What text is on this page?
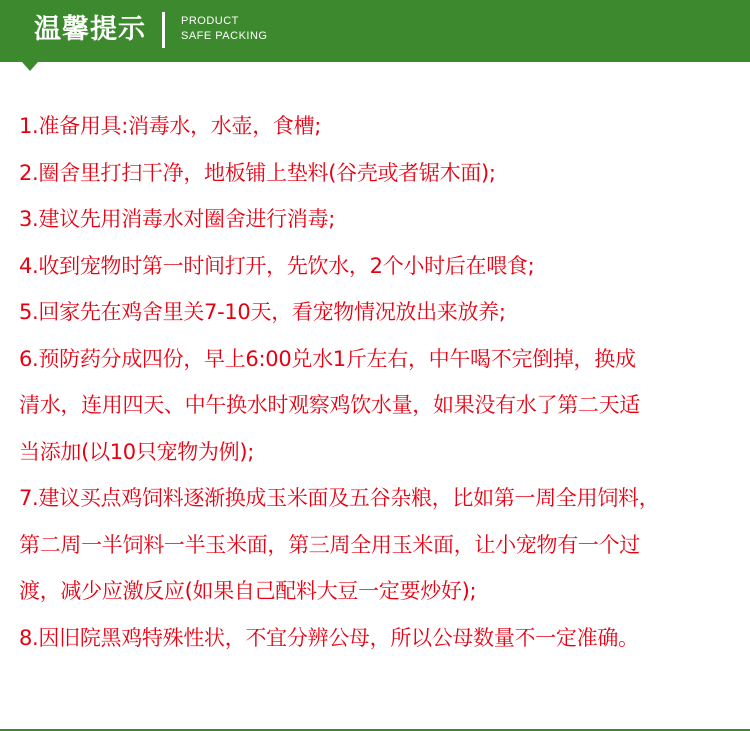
温馨提示	PRODUCT
SAFE PACKING
1.准备用具:消毒水，水壶，食槽;
2.圈舍里打扫干净，地板铺上垫料(谷壳或者锯木面);
3.建议先用消毒水对圈舍进行消毒;
4.收到宠物时第一时间打开，先饮水，2个小时后在喂食;
5.回家先在鸡舍里关7-10天，看宠物情况放出来放养;
6.预防药分成四份，早上6:00兑水1斤左右，中午喝不完倒掉，换成
清水，连用四天、中午换水时观察鸡饮水量，如果没有水了第二天适
当添加(以10只宠物为例);
7.建议买点鸡饲料逐渐换成玉米面及五谷杂粮，比如第一周全用饲料，
第二周一半饲料一半玉米面，第三周全用玉米面，让小宠物有一个过
渡，减少应激反应(如果自己配料大豆一定要炒好);
8.因旧院黑鸡特殊性状，不宜分辨公母，所以公母数量不一定准确。
